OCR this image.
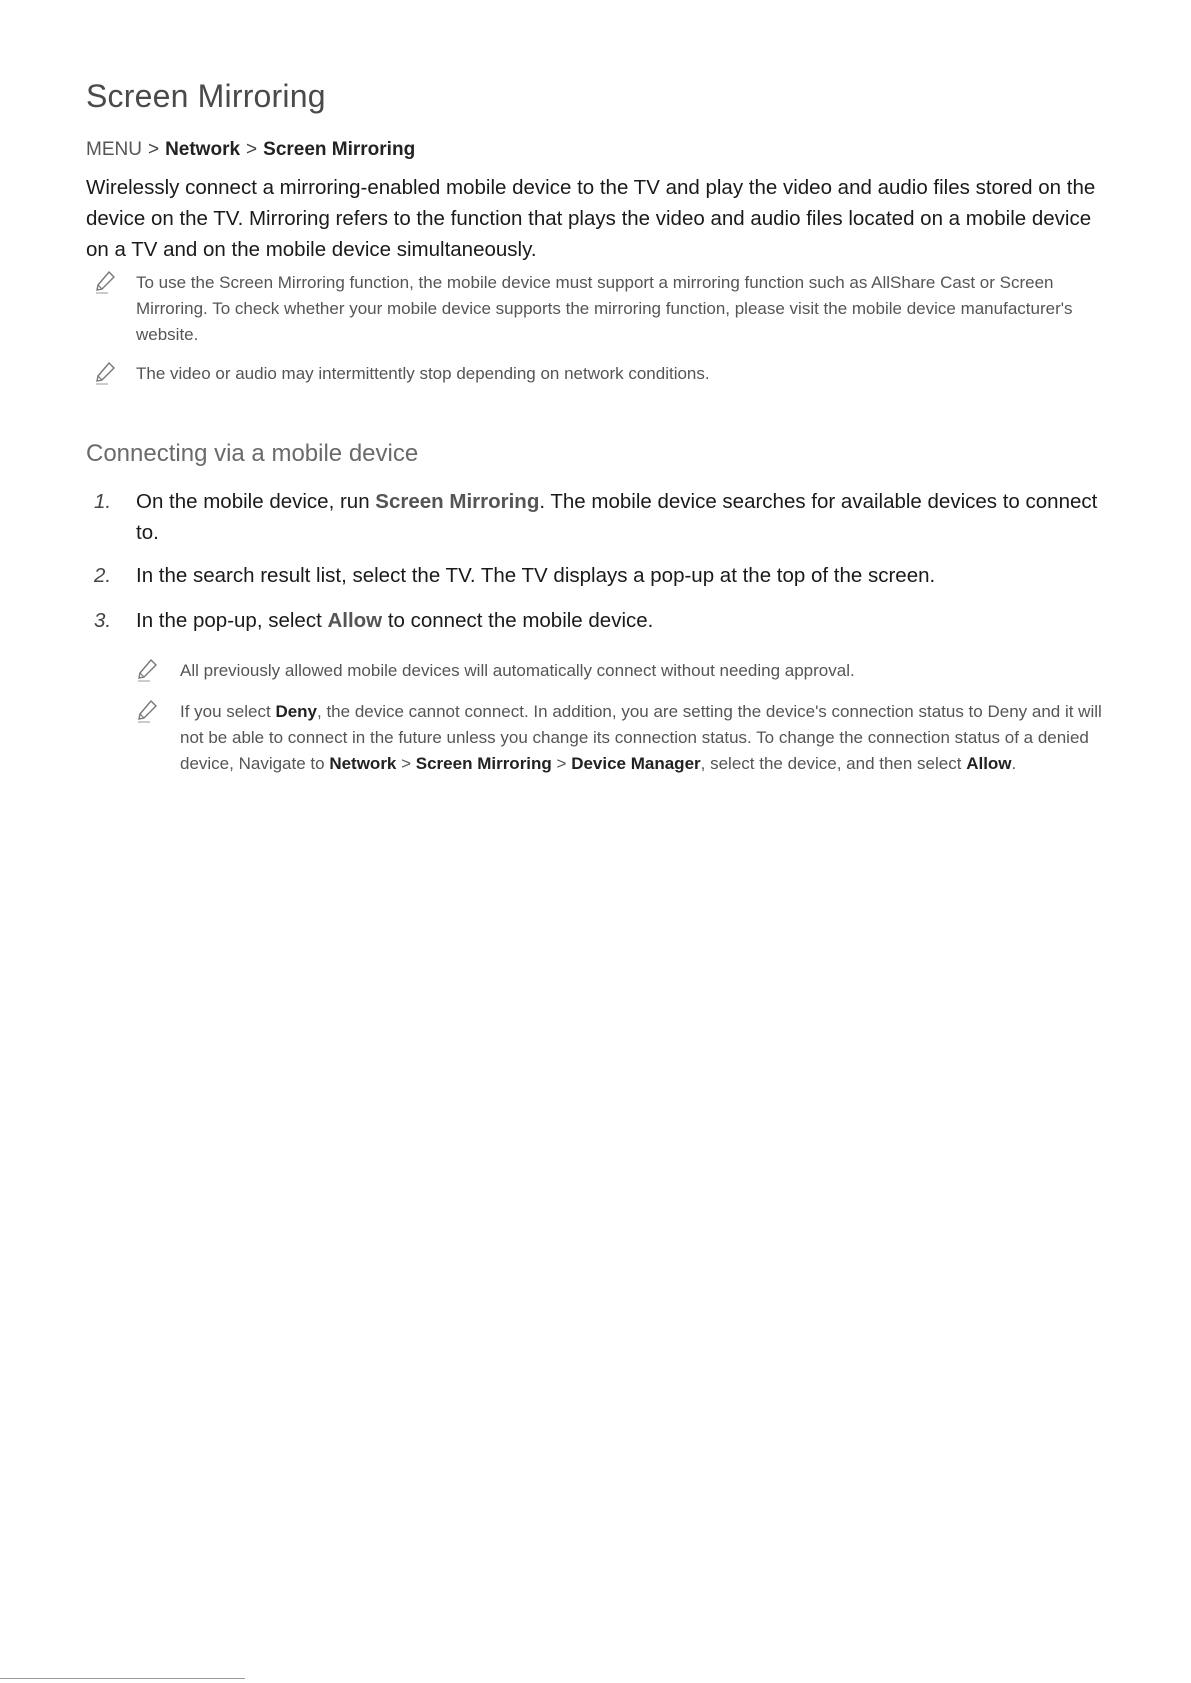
Screen Mirroring
MENU > Network > Screen Mirroring

Wirelessly connect a mirroring-enabled mobile device to the TV and play the video and audio files stored on the device on the TV. Mirroring refers to the function that plays the video and audio files located on a mobile device on a TV and on the mobile device simultaneously.

To use the Screen Mirroring function, the mobile device must support a mirroring function such as AllShare Cast or Screen Mirroring. To check whether your mobile device supports the mirroring function, please visit the mobile device manufacturer's website.
The video or audio may intermittently stop depending on network conditions.
Connecting via a mobile device
1. On the mobile device, run Screen Mirroring. The mobile device searches for available devices to connect to.
2. In the search result list, select the TV. The TV displays a pop-up at the top of the screen.
3. In the pop-up, select Allow to connect the mobile device.
All previously allowed mobile devices will automatically connect without needing approval.
If you select Deny, the device cannot connect. In addition, you are setting the device's connection status to Deny and it will not be able to connect in the future unless you change its connection status. To change the connection status of a denied device, Navigate to Network > Screen Mirroring > Device Manager, select the device, and then select Allow.
